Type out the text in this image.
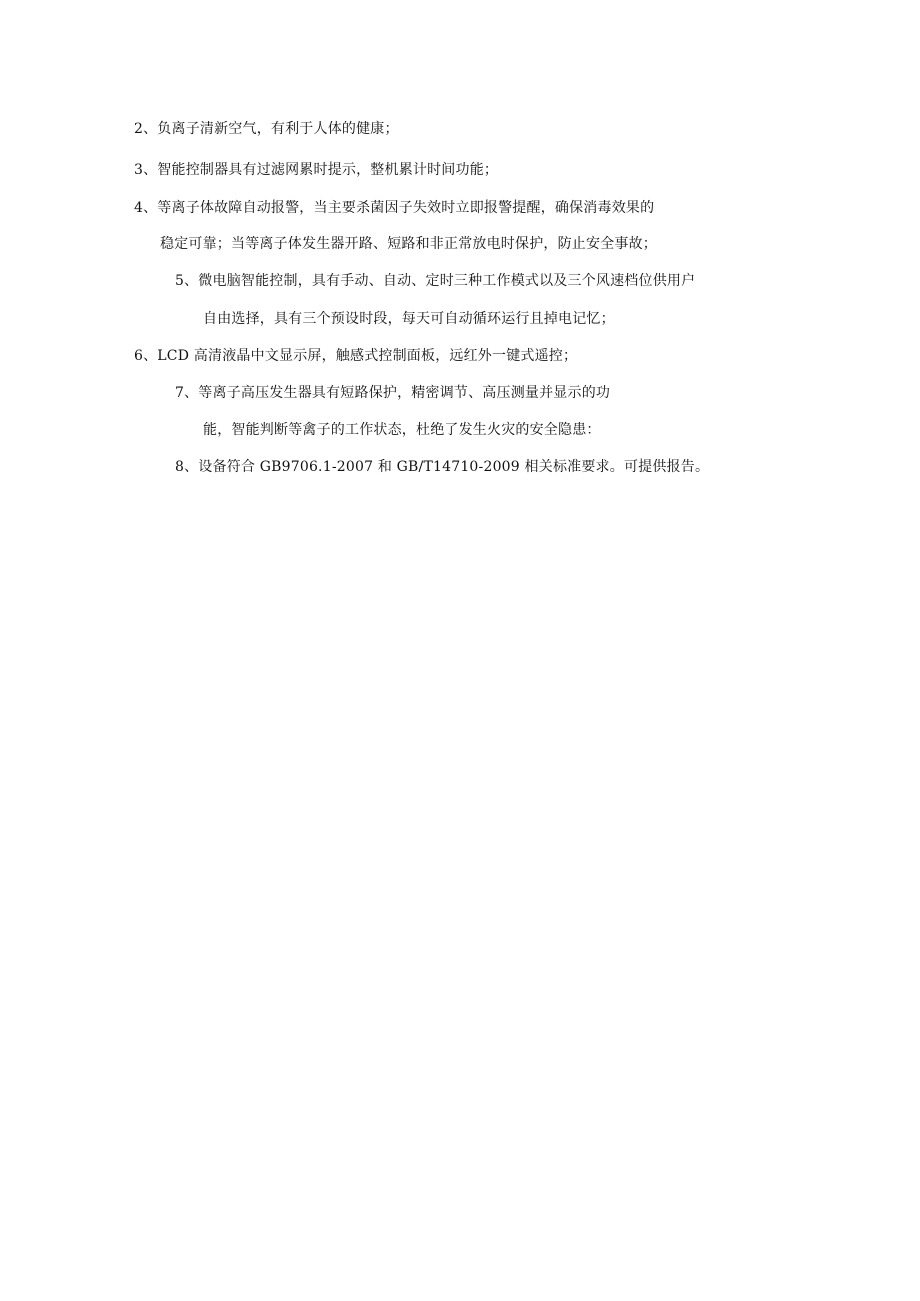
2、负离子清新空气，有利于人体的健康；
3、智能控制器具有过滤网累时提示，整机累计时间功能；
4、等离子体故障自动报警，当主要杀菌因子失效时立即报警提醒，确保消毒效果的
稳定可靠；当等离子体发生器开路、短路和非正常放电时保护，防止安全事故；
5、微电脑智能控制，具有手动、自动、定时三种工作模式以及三个风速档位供用户
自由选择，具有三个预设时段，每天可自动循环运行且掉电记忆；
6、LCD 高清液晶中文显示屏，触感式控制面板，远红外一键式遥控；
7、等离子高压发生器具有短路保护，精密调节、高压测量并显示的功
能，智能判断等禽子的工作状态，杜绝了发生火灾的安全隐患：
8、设备符合 GB9706.1-2007 和 GB/T14710-2009 相关标准要求。可提供报告。
